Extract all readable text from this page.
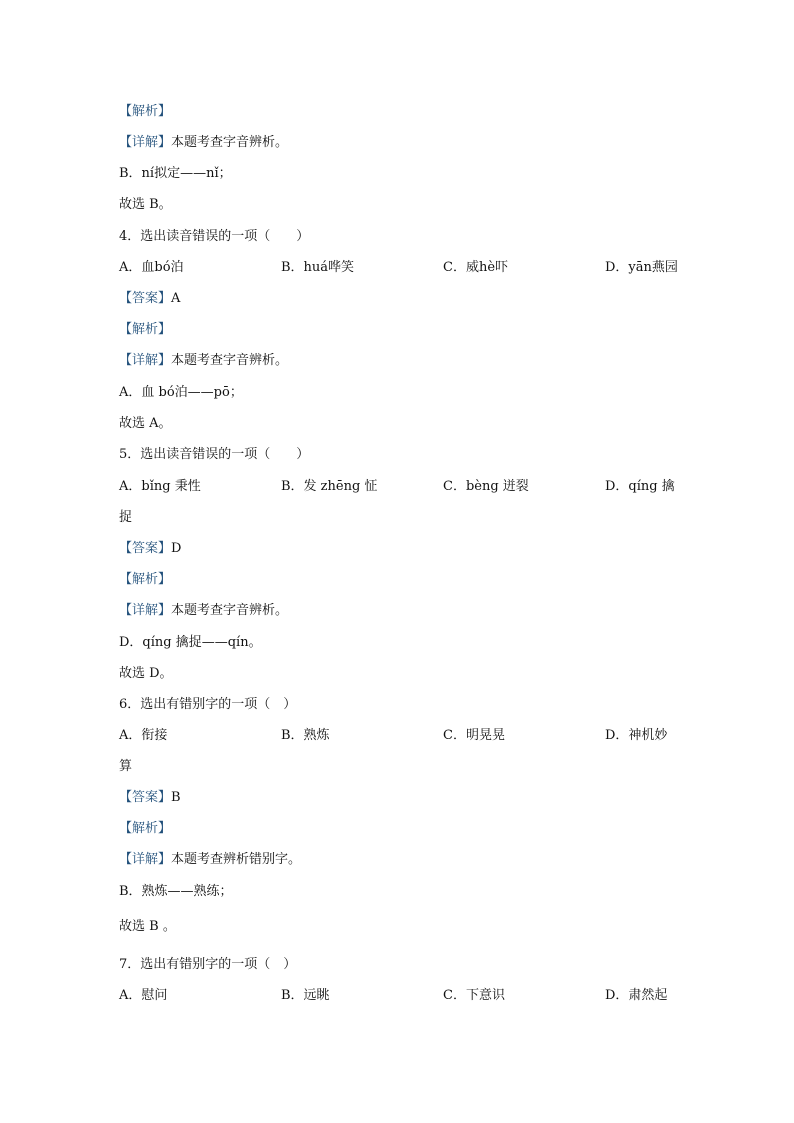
【解析】
【详解】本题考查字音辨析。
B．ní拟定——nǐ；
故选 B。
4．选出读音错误的一项（　　）
A．血bó泊	B．huá哗笑	C．威hè吓	D．yān燕园
【答案】A
【解析】
【详解】本题考查字音辨析。
A．血 bó泊——pō；
故选 A。
5．选出读音错误的一项（　　）
A．bǐng 秉性	B．发 zhēng 怔	C．bèng 迸裂	D．qíng 擒
捉
【答案】D
【解析】
【详解】本题考查字音辨析。
D．qíng 擒捉——qín。
故选 D。
6．选出有错别字的一项（　）
A．衔接	B．熟炼	C．明晃晃	D．神机妙
算
【答案】B
【解析】
【详解】本题考查辨析错别字。
B．熟炼——熟练；
故选 B 。
7．选出有错别字的一项（　）
A．慰问	B．远眺	C．下意识	D．肃然起
